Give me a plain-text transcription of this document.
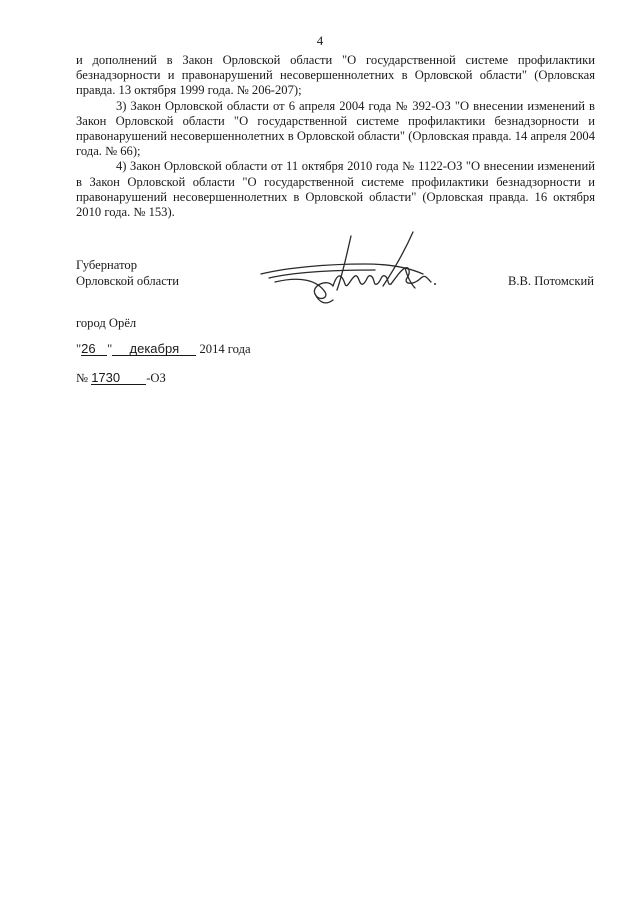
4

и дополнений в Закон Орловской области "О государственной системе профилактики безнадзорности и правонарушений несовершеннолетних в Орловской области" (Орловская правда. 13 октября 1999 года. № 206-207);

3) Закон Орловской области от 6 апреля 2004 года № 392-ОЗ "О внесении изменений в Закон Орловской области "О государственной системе профилактики безнадзорности и правонарушений несовершеннолетних в Орловской области" (Орловская правда. 14 апреля 2004 года. № 66);

4) Закон Орловской области от 11 октября 2010 года № 1122-ОЗ "О внесении изменений в Закон Орловской области "О государственной системе профилактики безнадзорности и правонарушений несовершеннолетних в Орловской области" (Орловская правда. 16 октября 2010 года. № 153).

Губернатор
Орловской области	В.В. Потомский
город Орёл
"26 " декабря 2014 года
№ 1730 -ОЗ
